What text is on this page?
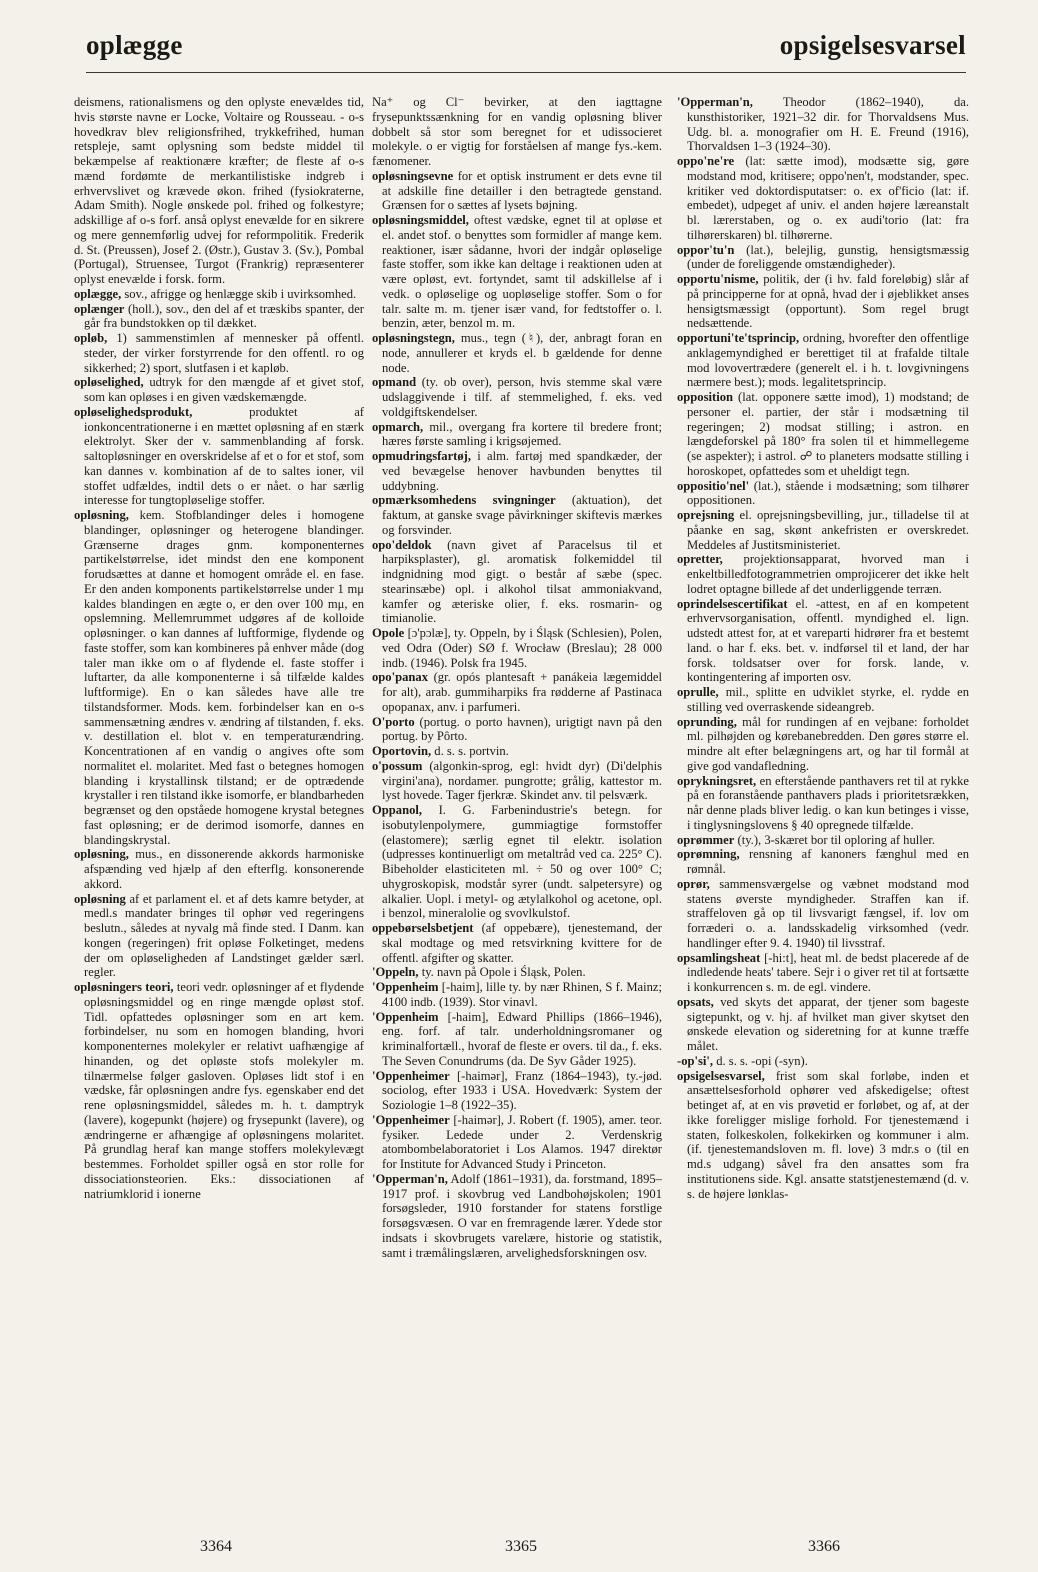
oplægge	opsigelsesvarsel

deismens, rationalismens og den oplyste enevældes tid, hvis største navne er Locke, Voltaire og Rousseau. - o-s hovedkrav blev religionsfrihed, trykkefrihed, human retspleje, samt oplysning som bedste middel til bekæmpelse af reaktionære kræfter; de fleste af o-s mænd fordømte de merkantilistiske indgreb i erhvervslivet og krævede økon. frihed (fysiokraterne, Adam Smith). Nogle ønskede pol. frihed og folkestyre; adskillige af o-s forf. anså oplyst enevælde for en sikrere og mere gennemførlig udvej for reformpolitik. Frederik d. St. (Preussen), Josef 2. (Østr.), Gustav 3. (Sv.), Pombal (Portugal), Struensee, Turgot (Frankrig) repræsenterer oplyst enevælde i forsk. form.

oplægge, sov., afrigge og henlægge skib i uvirksomhed.

oplænger (holl.), sov., den del af et træskibs spanter, der går fra bundstokken op til dækket.

opløb, 1) sammenstimlen af mennesker på offentl. steder, der virker forstyrrende for den offentl. ro og sikkerhed; 2) sport, slutfasen i et kapløb.

opløselighed, udtryk for den mængde af et givet stof, som kan opløses i en given vædskemængde.

opløselighedsprodukt, produktet af ionkoncentrationerne i en mættet opløsning af en stærk elektrolyt. Sker der v. sammenblanding af forsk. saltopløsninger en overskridelse af et o for et stof, som kan dannes v. kombination af de to saltes ioner, vil stoffet udfældes, indtil dets o er nået. o har særlig interesse for tungtopløselige stoffer.

opløsning, kem. Stofblandinger deles i homogene blandinger, opløsninger og heterogene blandinger. Grænserne drages gnm. komponenternes partikelstørrelse, idet mindst den ene komponent forudsættes at danne et homogent område el. en fase. Er den anden komponents partikelstørrelse under 1 mμ kaldes blandingen en ægte o, er den over 100 mμ, en opslemning. Mellemrummet udgøres af de kolloide opløsninger. o kan dannes af luftformige, flydende og faste stoffer, som kan kombineres på enhver måde (dog taler man ikke om o af flydende el. faste stoffer i luftarter, da alle komponenterne i så tilfælde kaldes luftformige). En o kan således have alle tre tilstandsformer. Mods. kem. forbindelser kan en o-s sammensætning ændres v. ændring af tilstanden, f. eks. v. destillation el. blot v. en temperaturændring. Koncentrationen af en vandig o angives ofte som normalitet el. molaritet. Med fast o betegnes homogen blanding i krystallinsk tilstand; er de optrædende krystaller i ren tilstand ikke isomorfe, er blandbarheden begrænset og den opståede homogene krystal betegnes fast opløsning; er de derimod isomorfe, dannes en blandingskrystal.

opløsning, mus., en dissonerende akkords harmoniske afspænding ved hjælp af den efterflg. konsonerende akkord.

opløsning af et parlament el. et af dets kamre betyder, at medl.s mandater bringes til ophør ved regeringens beslutn., således at nyvalg må finde sted. I Danm. kan kongen (regeringen) frit opløse Folketinget, medens der om opløseligheden af Landstinget gælder særl. regler.

opløsningers teori, teori vedr. opløsninger af et flydende opløsningsmiddel og en ringe mængde opløst stof. Tidl. opfattedes opløsninger som en art kem. forbindelser, nu som en homogen blanding, hvori komponenternes molekyler er relativt uafhængige af hinanden, og det opløste stofs molekyler m. tilnærmelse følger gasloven. Opløses lidt stof i en vædske, får opløsningen andre fys. egenskaber end det rene opløsningsmiddel, således m. h. t. damptryk (lavere), kogepunkt (højere) og frysepunkt (lavere), og ændringerne er afhængige af opløsningens molaritet. På grundlag heraf kan mange stoffers molekylevægt bestemmes. Forholdet spiller også en stor rolle for dissociationsteorien. Eks.: dissociationen af natriumklorid i ionerne

Na⁺ og Cl⁻ bevirker, at den iagttagne frysepunktssænkning for en vandig opløsning bliver dobbelt så stor som beregnet for et udissocieret molekyle. o er vigtig for forståelsen af mange fys.-kem. fænomener.

opløsningsevne for et optisk instrument er dets evne til at adskille fine detailler i den betragtede genstand. Grænsen for o sættes af lysets bøjning.

opløsningsmiddel, oftest vædske, egnet til at opløse et el. andet stof. o benyttes som formidler af mange kem. reaktioner, især sådanne, hvori der indgår opløselige faste stoffer, som ikke kan deltage i reaktionen uden at være opløst, evt. fortyndet, samt til adskillelse af i vedk. o opløselige og uopløselige stoffer. Som o for talr. salte m. m. tjener især vand, for fedtstoffer o. l. benzin, æter, benzol m. m.

opløsningstegn, mus., tegn (♮), der, anbragt foran en node, annullerer et kryds el. b gældende for denne node.

opmand (ty. ob over), person, hvis stemme skal være udslaggivende i tilf. af stemmelighed, f. eks. ved voldgiftskendelser.

opmarch, mil., overgang fra kortere til bredere front; hæres første samling i krigsøjemed.

opmudringsfartøj, i alm. fartøj med spandkæder, der ved bevægelse henover havbunden benyttes til uddybning.

opmærksomhedens svingninger (aktuation), det faktum, at ganske svage påvirkninger skiftevis mærkes og forsvinder.

opo'deldok (navn givet af Paracelsus til et harpiksplaster), gl. aromatisk folkemiddel til indgnidning mod gigt. o består af sæbe (spec. stearinsæbe) opl. i alkohol tilsat ammoniakvand, kamfer og æteriske olier, f. eks. rosmarin- og timianolie.

Opole [ɔ'pɔlæ], ty. Oppeln, by i Śląsk (Schlesien), Polen, ved Odra (Oder) SØ f. Wrocław (Breslau); 28 000 indb. (1946). Polsk fra 1945.

opo'panax (gr. opós plantesaft + panákeia lægemiddel for alt), arab. gummiharpiks fra rødderne af Pastinaca opopanax, anv. i parfumeri.

O'porto (portug. o porto havnen), urigtigt navn på den portug. by Pôrto.

Oportovin, d. s. s. portvin.

o'possum (algonkin-sprog, egl: hvidt dyr) (Di'delphis virgini'ana), nordamer. pungrotte; grålig, kattestor m. lyst hovede. Tager fjerkræ. Skindet anv. til pelsværk.

Oppanol, I. G. Farbenindustrie's betegn. for isobutylenpolymere, gummiagtige formstoffer (elastomere); særlig egnet til elektr. isolation (udpresses kontinuerligt om metaltråd ved ca. 225° C). Bibeholder elasticiteten ml. ÷ 50 og over 100° C; uhygroskopisk, modstår syrer (undt. salpetersyre) og alkalier. Uopl. i metyl- og ætylalkohol og acetone, opl. i benzol, mineralolie og svovlkulstof.

oppebørselsbetjent (af oppebære), tjenestemand, der skal modtage og med retsvirkning kvittere for de offentl. afgifter og skatter.

'Oppeln, ty. navn på Opole i Śląsk, Polen.

'Oppenheim [-haim], lille ty. by nær Rhinen, S f. Mainz; 4100 indb. (1939). Stor vinavl.

'Oppenheim [-haim], Edward Phillips (1866–1946), eng. forf. af talr. underholdningsromaner og kriminalfortæll., hvoraf de fleste er overs. til da., f. eks. The Seven Conundrums (da. De Syv Gåder 1925).

'Oppenheimer [-haimər], Franz (1864–1943), ty.-jød. sociolog, efter 1933 i USA. Hovedværk: System der Soziologie 1–8 (1922–35).

'Oppenheimer [-haimər], J. Robert (f. 1905), amer. teor. fysiker. Ledede under 2. Verdenskrig atombombelaboratoriet i Los Alamos. 1947 direktør for Institute for Advanced Study i Princeton.

'Opperman'n, Adolf (1861–1931), da. forstmand, 1895–1917 prof. i skovbrug ved Landbohøjskolen; 1901 forsøgsleder, 1910 forstander for statens forstlige forsøgsvæsen. O var en fremragende lærer. Ydede stor indsats i skovbrugets varelære, historie og statistik, samt i træmålingslæren, arvelighedsforskningen osv.

'Opperman'n, Theodor (1862–1940), da. kunsthistoriker, 1921–32 dir. for Thorvaldsens Mus. Udg. bl. a. monografier om H. E. Freund (1916), Thorvaldsen 1–3 (1924–30).

oppo'ne're (lat: sætte imod), modsætte sig, gøre modstand mod, kritisere; oppo'nen't, modstander, spec. kritiker ved doktordisputatser: o. ex of'ficio (lat: if. embedet), udpeget af univ. el anden højere læreanstalt bl. lærerstaben, og o. ex audi'torio (lat: fra tilhørerskaren) bl. tilhørerne.

oppor'tu'n (lat.), belejlig, gunstig, hensigtsmæssig (under de foreliggende omstændigheder).

opportu'nisme, politik, der (i hv. fald foreløbig) slår af på principperne for at opnå, hvad der i øjeblikket anses hensigtsmæssigt (opportunt). Som regel brugt nedsættende.

opportuni'te'tsprincip, ordning, hvorefter den offentlige anklagemyndighed er berettiget til at frafalde tiltale mod lovovertrædere (generelt el. i h. t. lovgivningens nærmere best.); mods. legalitetsprincip.

opposition (lat. opponere sætte imod), 1) modstand; de personer el. partier, der står i modsætning til regeringen; 2) modsat stilling; i astron. en længdeforskel på 180° fra solen til et himmellegeme (se aspekter); i astrol. ☍ to planeters modsatte stilling i horoskopet, opfattedes som et uheldigt tegn.

oppositio'nel' (lat.), stående i modsætning; som tilhører oppositionen.

oprejsning el. oprejsningsbevilling, jur., tilladelse til at påanke en sag, skønt ankefristen er overskredet. Meddeles af Justitsministeriet.

opretter, projektionsapparat, hvorved man i enkeltbilledfotogrammetrien omprojicerer det ikke helt lodret optagne billede af det underliggende terræn.

oprindelsescertifikat el. -attest, en af en kompetent erhvervsorganisation, offentl. myndighed el. lign. udstedt attest for, at et vareparti hidrører fra et bestemt land. o har f. eks. bet. v. indførsel til et land, der har forsk. toldsatser over for forsk. lande, v. kontingentering af importen osv.

oprulle, mil., splitte en udviklet styrke, el. rydde en stilling ved overraskende sideangreb.

oprunding, mål for rundingen af en vejbane: forholdet ml. pilhøjden og kørebanebredden. Den gøres større el. mindre alt efter belægningens art, og har til formål at give god vandafledning.

oprykningsret, en efterstående panthavers ret til at rykke på en foranstående panthavers plads i prioritetsrækken, når denne plads bliver ledig. o kan kun betinges i visse, i tinglysningslovens § 40 opregnede tilfælde.

oprømmer (ty.), 3-skæret bor til oploring af huller.

oprømning, rensning af kanoners fænghul med en rømnål.

oprør, sammensværgelse og væbnet modstand mod statens øverste myndigheder. Straffen kan if. straffeloven gå op til livsvarigt fængsel, if. lov om forræderi o. a. landsskadelig virksomhed (vedr. handlinger efter 9. 4. 1940) til livsstraf.

opsamlingsheat [-hi:t], heat ml. de bedst placerede af de indledende heats' tabere. Sejr i o giver ret til at fortsætte i konkurrencen s. m. de egl. vindere.

opsats, ved skyts det apparat, der tjener som bageste sigtepunkt, og v. hj. af hvilket man giver skytset den ønskede elevation og sideretning for at kunne træffe målet.

-op'si', d. s. s. -opi (-syn).

opsigelsesvarsel, frist som skal forløbe, inden et ansættelsesforhold ophører ved afskedigelse; oftest betinget af, at en vis prøvetid er forløbet, og af, at der ikke foreligger mislige forhold. For tjenestemænd i staten, folkeskolen, folkekirken og kommuner i alm. (if. tjenestemandsloven m. fl. love) 3 mdr.s o (til en md.s udgang) såvel fra den ansattes som fra institutionens side. Kgl. ansatte statstjenestemænd (d. v. s. de højere lønklas-

3364	3365	3366
